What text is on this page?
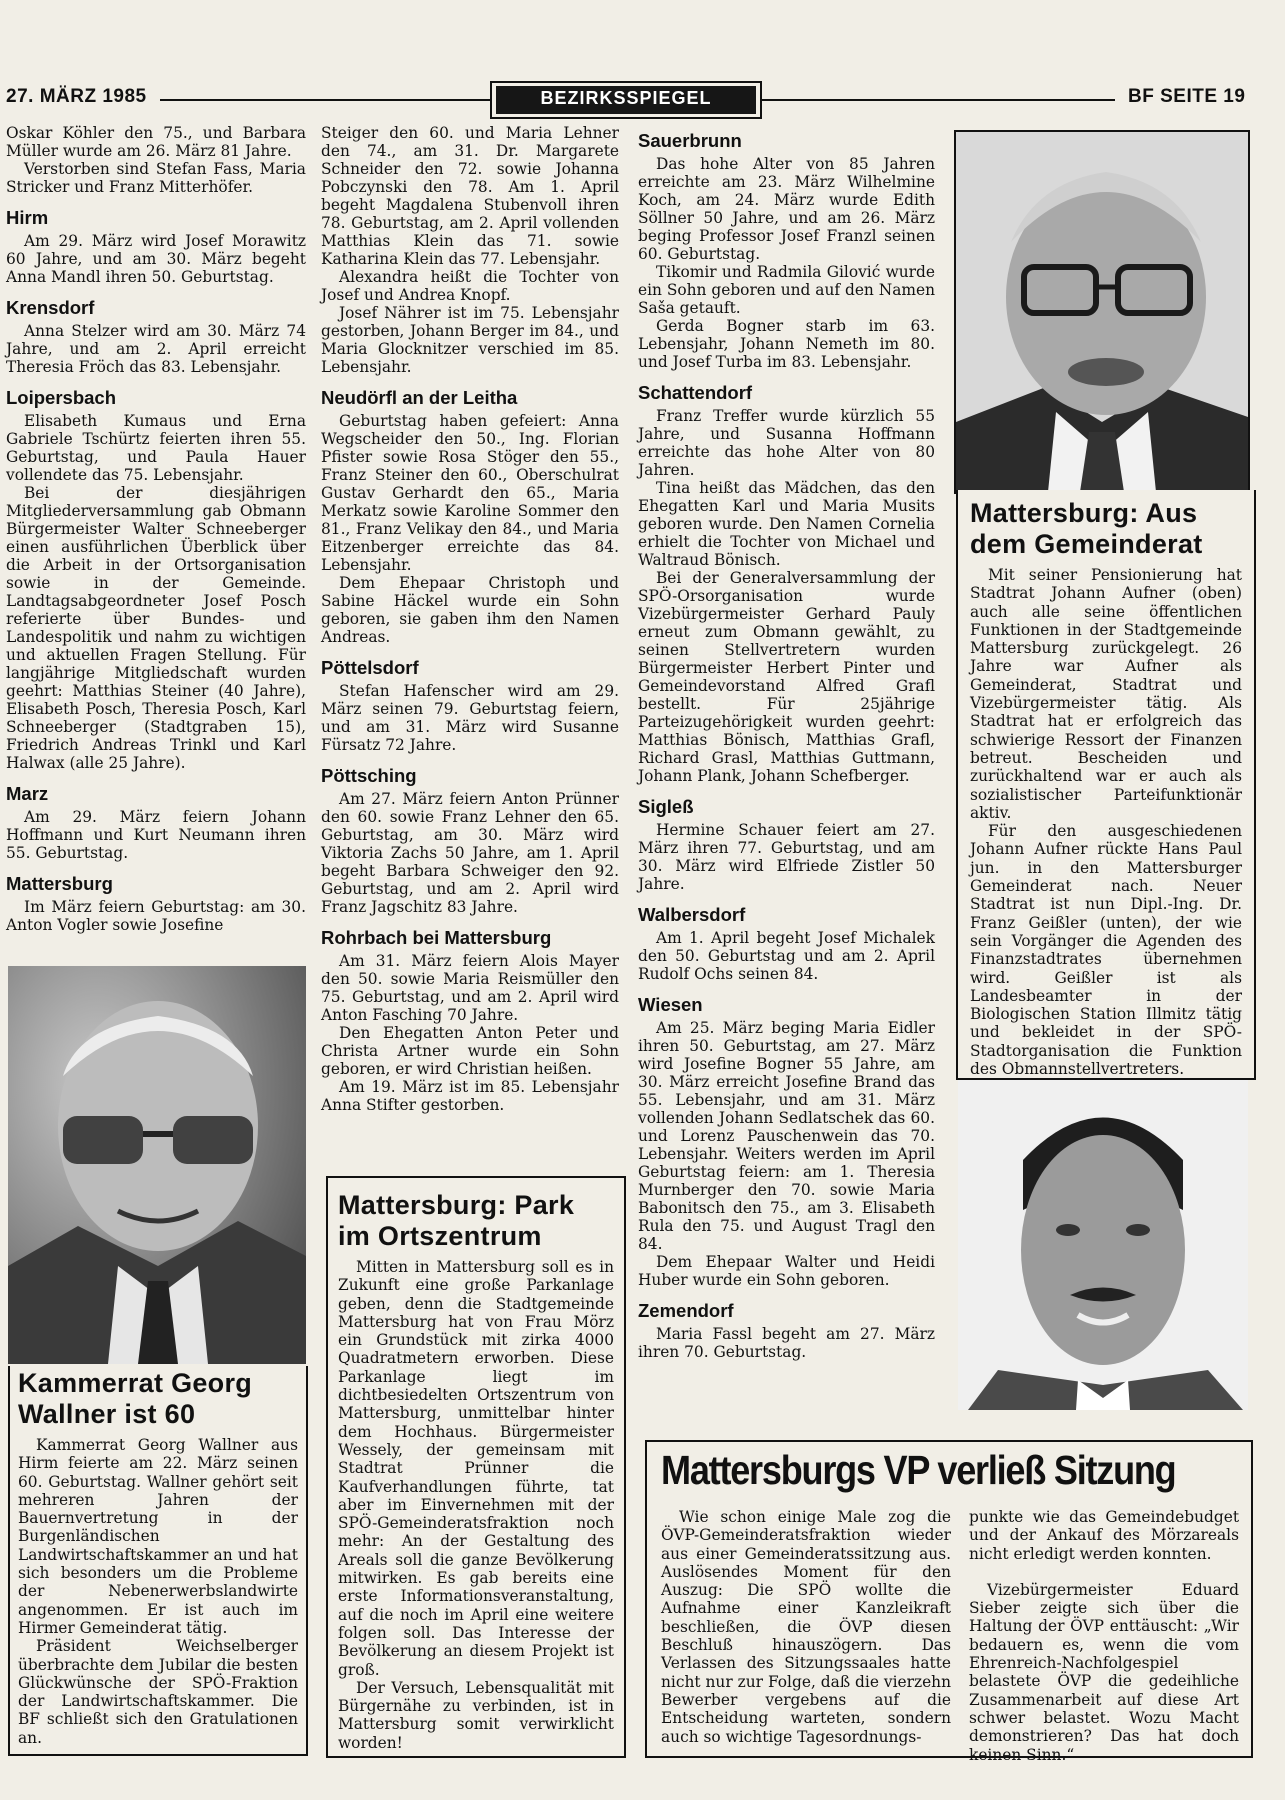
27. MÄRZ 1985	BEZIRKSSPIEGEL	BF SEITE 19

Oskar Köhler den 75., und Barbara Müller wurde am 26. März 81 Jahre.

Verstorben sind Stefan Fass, Maria Stricker und Franz Mitterhöfer.

Hirm

Am 29. März wird Josef Morawitz 60 Jahre, und am 30. März begeht Anna Mandl ihren 50. Geburtstag.

Krensdorf

Anna Stelzer wird am 30. März 74 Jahre, und am 2. April erreicht Theresia Fröch das 83. Lebensjahr.

Loipersbach

Elisabeth Kumaus und Erna Gabriele Tschürtz feierten ihren 55. Geburtstag, und Paula Hauer vollendete das 75. Lebensjahr.

Bei der diesjährigen Mitgliederversammlung gab Obmann Bürgermeister Walter Schneeberger einen ausführlichen Überblick über die Arbeit in der Ortsorganisation sowie in der Gemeinde. Landtagsabgeordneter Josef Posch referierte über Bundes- und Landespolitik und nahm zu wichtigen und aktuellen Fragen Stellung. Für langjährige Mitgliedschaft wurden geehrt: Matthias Steiner (40 Jahre), Elisabeth Posch, Theresia Posch, Karl Schneeberger (Stadtgraben 15), Friedrich Andreas Trinkl und Karl Halwax (alle 25 Jahre).

Marz

Am 29. März feiern Johann Hoffmann und Kurt Neumann ihren 55. Geburtstag.

Mattersburg

Im März feiern Geburtstag: am 30. Anton Vogler sowie Josefine

Kammerrat Georg
Wallner ist 60

Kammerrat Georg Wallner aus Hirm feierte am 22. März seinen 60. Geburtstag. Wallner gehört seit mehreren Jahren der Bauernvertretung in der Burgenländischen Landwirtschaftskammer an und hat sich besonders um die Probleme der Nebenerwerbslandwirte angenommen. Er ist auch im Hirmer Gemeinderat tätig.

Präsident Weichselberger überbrachte dem Jubilar die besten Glückwünsche der SPÖ-Fraktion der Landwirtschaftskammer. Die BF schließt sich den Gratulationen an.

Steiger den 60. und Maria Lehner den 74., am 31. Dr. Margarete Schneider den 72. sowie Johanna Pobczynski den 78. Am 1. April begeht Magdalena Stubenvoll ihren 78. Geburtstag, am 2. April vollenden Matthias Klein das 71. sowie Katharina Klein das 77. Lebensjahr.

Alexandra heißt die Tochter von Josef und Andrea Knopf.

Josef Nährer ist im 75. Lebensjahr gestorben, Johann Berger im 84., und Maria Glocknitzer verschied im 85. Lebensjahr.

Neudörfl an der Leitha

Geburtstag haben gefeiert: Anna Wegscheider den 50., Ing. Florian Pfister sowie Rosa Stöger den 55., Franz Steiner den 60., Oberschulrat Gustav Gerhardt den 65., Maria Merkatz sowie Karoline Sommer den 81., Franz Velikay den 84., und Maria Eitzenberger erreichte das 84. Lebensjahr.

Dem Ehepaar Christoph und Sabine Häckel wurde ein Sohn geboren, sie gaben ihm den Namen Andreas.

Pöttelsdorf

Stefan Hafenscher wird am 29. März seinen 79. Geburtstag feiern, und am 31. März wird Susanne Fürsatz 72 Jahre.

Pöttsching

Am 27. März feiern Anton Prünner den 60. sowie Franz Lehner den 65. Geburtstag, am 30. März wird Viktoria Zachs 50 Jahre, am 1. April begeht Barbara Schweiger den 92. Geburtstag, und am 2. April wird Franz Jagschitz 83 Jahre.

Rohrbach bei Mattersburg

Am 31. März feiern Alois Mayer den 50. sowie Maria Reismüller den 75. Geburtstag, und am 2. April wird Anton Fasching 70 Jahre.

Den Ehegatten Anton Peter und Christa Artner wurde ein Sohn geboren, er wird Christian heißen.

Am 19. März ist im 85. Lebensjahr Anna Stifter gestorben.

Mattersburg: Park
im Ortszentrum

Mitten in Mattersburg soll es in Zukunft eine große Parkanlage geben, denn die Stadtgemeinde Mattersburg hat von Frau Mörz ein Grundstück mit zirka 4000 Quadratmetern erworben. Diese Parkanlage liegt im dichtbesiedelten Ortszentrum von Mattersburg, unmittelbar hinter dem Hochhaus. Bürgermeister Wessely, der gemeinsam mit Stadtrat Prünner die Kaufverhandlungen führte, tat aber im Einvernehmen mit der SPÖ-Gemeinderatsfraktion noch mehr: An der Gestaltung des Areals soll die ganze Bevölkerung mitwirken. Es gab bereits eine erste Informationsveranstaltung, auf die noch im April eine weitere folgen soll. Das Interesse der Bevölkerung an diesem Projekt ist groß.

Der Versuch, Lebensqualität mit Bürgernähe zu verbinden, ist in Mattersburg somit verwirklicht worden!

Sauerbrunn

Das hohe Alter von 85 Jahren erreichte am 23. März Wilhelmine Koch, am 24. März wurde Edith Söllner 50 Jahre, und am 26. März beging Professor Josef Franzl seinen 60. Geburtstag.

Tikomir und Radmila Gilović wurde ein Sohn geboren und auf den Namen Saša getauft.

Gerda Bogner starb im 63. Lebensjahr, Johann Nemeth im 80. und Josef Turba im 83. Lebensjahr.

Schattendorf

Franz Treffer wurde kürzlich 55 Jahre, und Susanna Hoffmann erreichte das hohe Alter von 80 Jahren.

Tina heißt das Mädchen, das den Ehegatten Karl und Maria Musits geboren wurde. Den Namen Cornelia erhielt die Tochter von Michael und Waltraud Bönisch.

Bei der Generalversammlung der SPÖ-Orsorganisation wurde Vizebürgermeister Gerhard Pauly erneut zum Obmann gewählt, zu seinen Stellvertretern wurden Bürgermeister Herbert Pinter und Gemeindevorstand Alfred Grafl bestellt. Für 25jährige Parteizugehörigkeit wurden geehrt: Matthias Bönisch, Matthias Grafl, Richard Grasl, Matthias Guttmann, Johann Plank, Johann Schefberger.

Sigleß

Hermine Schauer feiert am 27. März ihren 77. Geburtstag, und am 30. März wird Elfriede Zistler 50 Jahre.

Walbersdorf

Am 1. April begeht Josef Michalek den 50. Geburtstag und am 2. April Rudolf Ochs seinen 84.

Wiesen

Am 25. März beging Maria Eidler ihren 50. Geburtstag, am 27. März wird Josefine Bogner 55 Jahre, am 30. März erreicht Josefine Brand das 55. Lebensjahr, und am 31. März vollenden Johann Sedlatschek das 60. und Lorenz Pauschenwein das 70. Lebensjahr. Weiters werden im April Geburtstag feiern: am 1. Theresia Murnberger den 70. sowie Maria Babonitsch den 75., am 3. Elisabeth Rula den 75. und August Tragl den 84.

Dem Ehepaar Walter und Heidi Huber wurde ein Sohn geboren.

Zemendorf

Maria Fassl begeht am 27. März ihren 70. Geburtstag.

Mattersburg: Aus
dem Gemeinderat

Mit seiner Pensionierung hat Stadtrat Johann Aufner (oben) auch alle seine öffentlichen Funktionen in der Stadtgemeinde Mattersburg zurückgelegt. 26 Jahre war Aufner als Gemeinderat, Stadtrat und Vizebürgermeister tätig. Als Stadtrat hat er erfolgreich das schwierige Ressort der Finanzen betreut. Bescheiden und zurückhaltend war er auch als sozialistischer Parteifunktionär aktiv.

Für den ausgeschiedenen Johann Aufner rückte Hans Paul jun. in den Mattersburger Gemeinderat nach. Neuer Stadtrat ist nun Dipl.-Ing. Dr. Franz Geißler (unten), der wie sein Vorgänger die Agenden des Finanzstadtrates übernehmen wird. Geißler ist als Landesbeamter in der Biologischen Station Illmitz tätig und bekleidet in der SPÖ-Stadtorganisation die Funktion des Obmannstellvertreters.

Mattersburgs VP verließ Sitzung

Wie schon einige Male zog die ÖVP-Gemeinderatsfraktion wieder aus einer Gemeinderatssitzung aus. Auslösendes Moment für den Auszug: Die SPÖ wollte die Aufnahme einer Kanzleikraft beschließen, die ÖVP diesen Beschluß hinauszögern. Das Verlassen des Sitzungssaales hatte nicht nur zur Folge, daß die vierzehn Bewerber vergebens auf die Entscheidung warteten, sondern auch so wichtige Tagesordnungs-

punkte wie das Gemeindebudget und der Ankauf des Mörzareals nicht erledigt werden konnten.

Vizebürgermeister Eduard Sieber zeigte sich über die Haltung der ÖVP enttäuscht: „Wir bedauern es, wenn die vom Ehrenreich-Nachfolgespiel belastete ÖVP die gedeihliche Zusammenarbeit auf diese Art schwer belastet. Wozu Macht demonstrieren? Das hat doch keinen Sinn.“
